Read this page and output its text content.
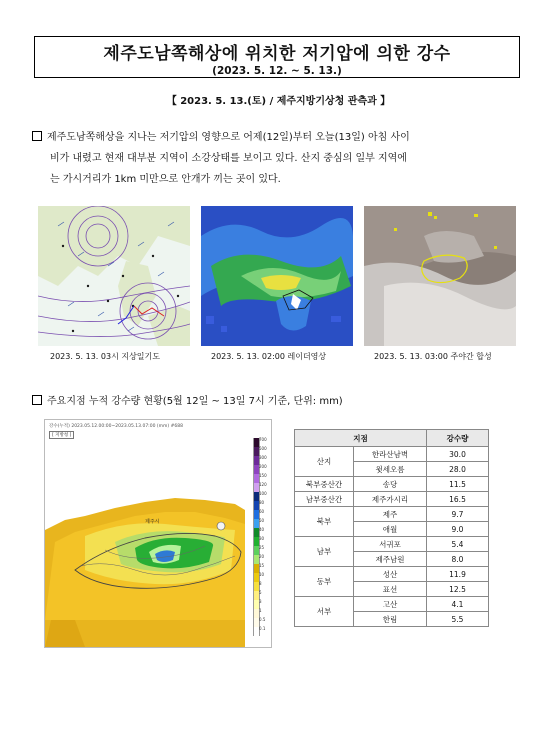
제주도남쪽해상에 위치한 저기압에 의한 강수
(2023. 5. 12. ~ 5. 13.)
【 2023. 5. 13.(토) / 제주지방기상청 관측과 】
제주도남쪽해상을 지나는 저기압의 영향으로 어제(12일)부터 오늘(13일) 아침 사이
비가 내렸고 현재 대부분 지역이 소강상태를 보이고 있다. 산지 중심의 일부 지역에
는 가시거리가 1km 미만으로 안개가 끼는 곳이 있다.
2023. 5. 13. 03시 지상일기도	2023. 5. 13. 02:00 레이더영상	2023. 5. 13. 03:00 주야간 합성
주요지점 누적 강수량 현황(5월 12일 ~ 13일 7시 기준, 단위: mm)
강수(누적) 2023.05.12.00:00~2023.05.13.07:00 (mm) #688
[ 지방청 ]
제주시
700
500
300
200
150
120
100
80
60
50
40
30
25
20
15
10
8
5
3
1
0.5
0.1
지점		강수량
산지	한라산남벽	30.0
	윗세오름	28.0
북부중산간	송당	11.5
남부중산간	제주가시리	16.5
북부	제주	9.7
	애월	9.0
남부	서귀포	5.4
	제주남원	8.0
동부	성산	11.9
	표선	12.5
서부	고산	4.1
	한림	5.5
